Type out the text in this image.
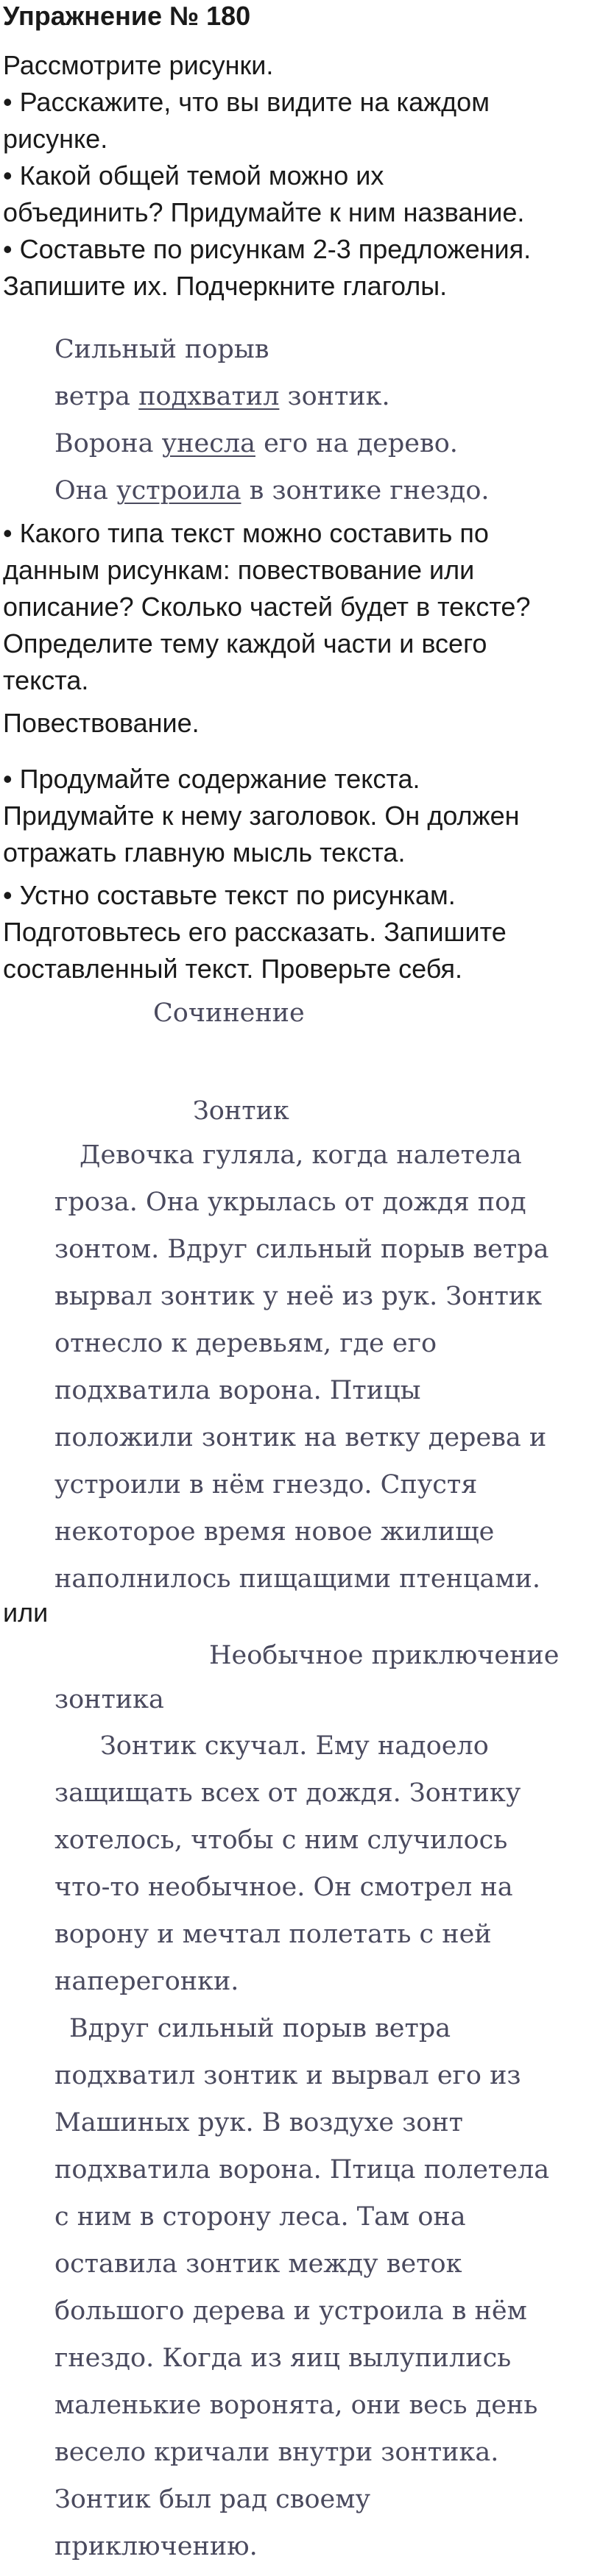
Упражнение № 180
Рассмотрите рисунки.
• Расскажите, что вы видите на каждом
рисунке.
• Какой общей темой можно их
объединить? Придумайте к ним название.
• Составьте по рисункам 2-3 предложения.
Запишите их. Подчеркните глаголы.
Сильный порыв
ветра подхватил зонтик.
Ворона унесла его на дерево.
Она устроила в зонтике гнездо.
• Какого типа текст можно составить по
данным рисункам: повествование или
описание? Сколько частей будет в тексте?
Определите тему каждой части и всего
текста.
Повествование.
• Продумайте содержание текста.
Придумайте к нему заголовок. Он должен
отражать главную мысль текста.
• Устно составьте текст по рисункам.
Подготовьтесь его рассказать. Запишите
составленный текст. Проверьте себя.
Сочинение
Зонтик
Девочка гуляла, когда налетела
гроза. Она укрылась от дождя под
зонтом. Вдруг сильный порыв ветра
вырвал зонтик у неё из рук. Зонтик
отнесло к деревьям, где его
подхватила ворона. Птицы
положили зонтик на ветку дерева и
устроили в нём гнездо. Спустя
некоторое время новое жилище
наполнилось пищащими птенцами.
или
Необычное приключение
зонтика
Зонтик скучал. Ему надоело
защищать всех от дождя. Зонтику
хотелось, чтобы с ним случилось
что-то необычное. Он смотрел на
ворону и мечтал полетать с ней
наперегонки.
Вдруг сильный порыв ветра
подхватил зонтик и вырвал его из
Машиных рук. В воздухе зонт
подхватила ворона. Птица полетела
с ним в сторону леса. Там она
оставила зонтик между веток
большого дерева и устроила в нём
гнездо. Когда из яиц вылупились
маленькие воронята, они весь день
весело кричали внутри зонтика.
Зонтик был рад своему
приключению.
